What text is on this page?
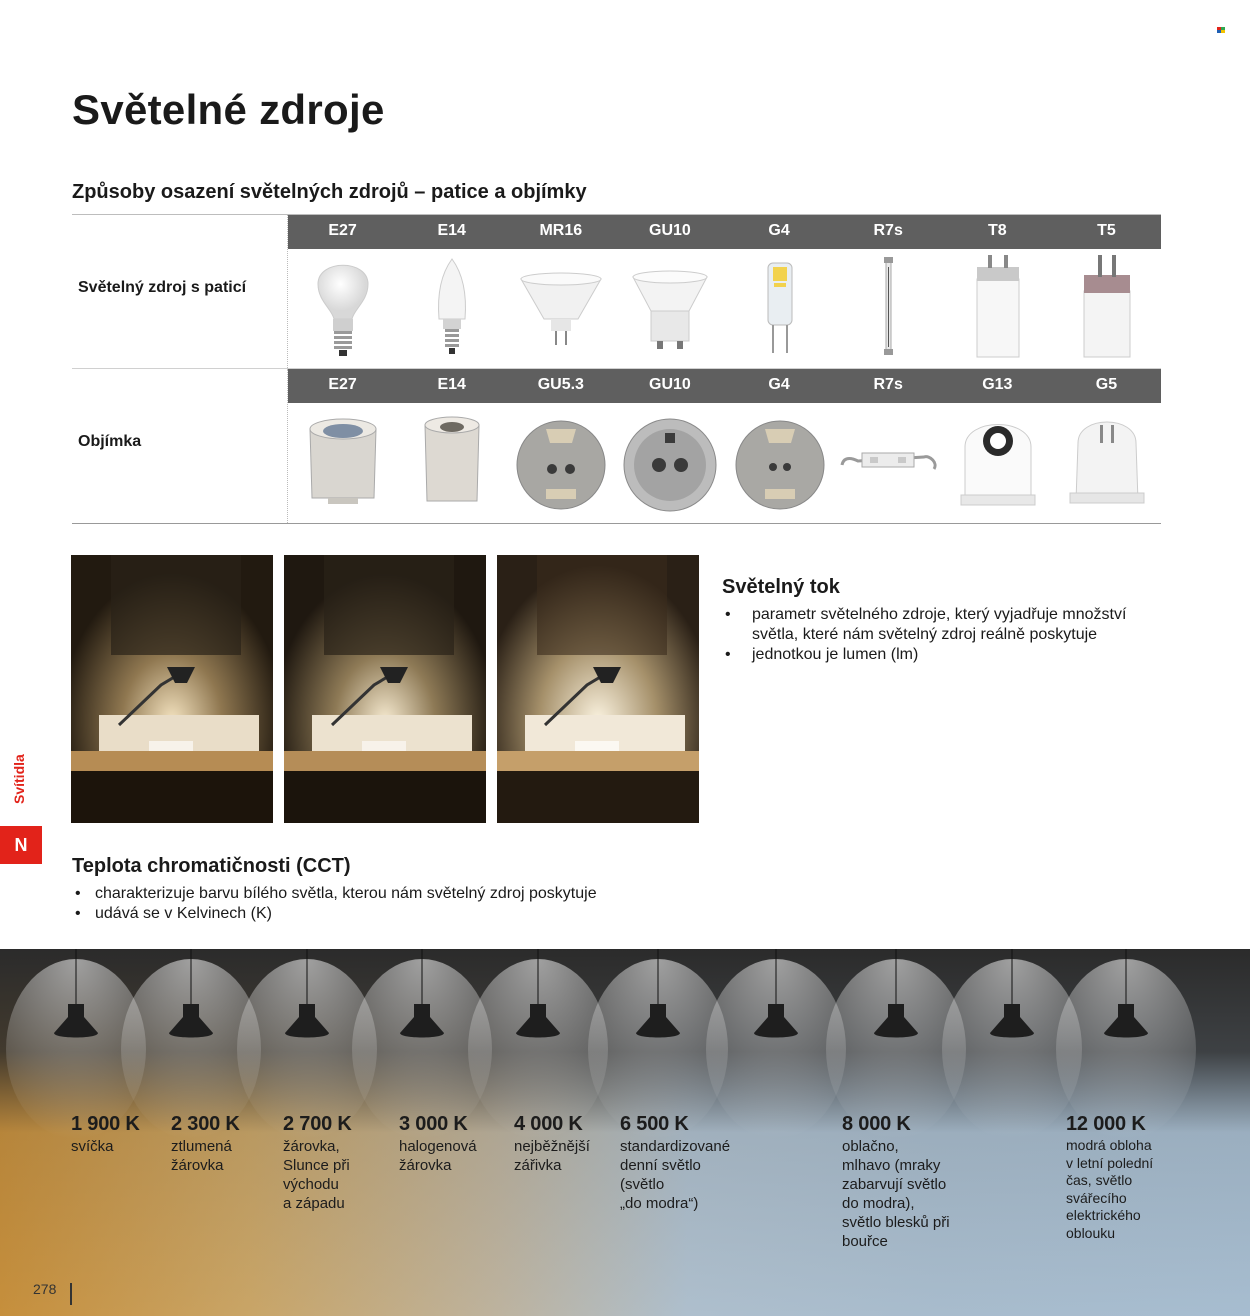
Světelné zdroje
Způsoby osazení světelných zdrojů – patice a objímky
Světelný zdroj s paticí
E27	E14	MR16	GU10	G4	R7s	T8	T5
Objímka
E27	E14	GU5.3	GU10	G4	R7s	G13	G5
Světelný tok
• parametr světelného zdroje, který vyjadřuje množství světla, které nám světelný zdroj reálně poskytuje
• jednotkou je lumen (lm)
Svítidla
N
Teplota chromatičnosti (CCT)
• charakterizuje barvu bílého světla, kterou nám světelný zdroj poskytuje
• udává se v Kelvinech (K)
1 900 K
svíčka
2 300 K
ztlumená
žárovka
2 700 K
žárovka,
Slunce při
východu
a západu
3 000 K
halogenová
žárovka
4 000 K
nejběžnější
zářivka
6 500 K
standardizované
denní světlo
(světlo
„do modra“)
8 000 K
oblačno,
mlhavo (mraky
zabarvují světlo
do modra),
světlo blesků při
bouřce
12 000 K
modrá obloha
v letní polední
čas, světlo
svářecího
elektrického
oblouku
278
